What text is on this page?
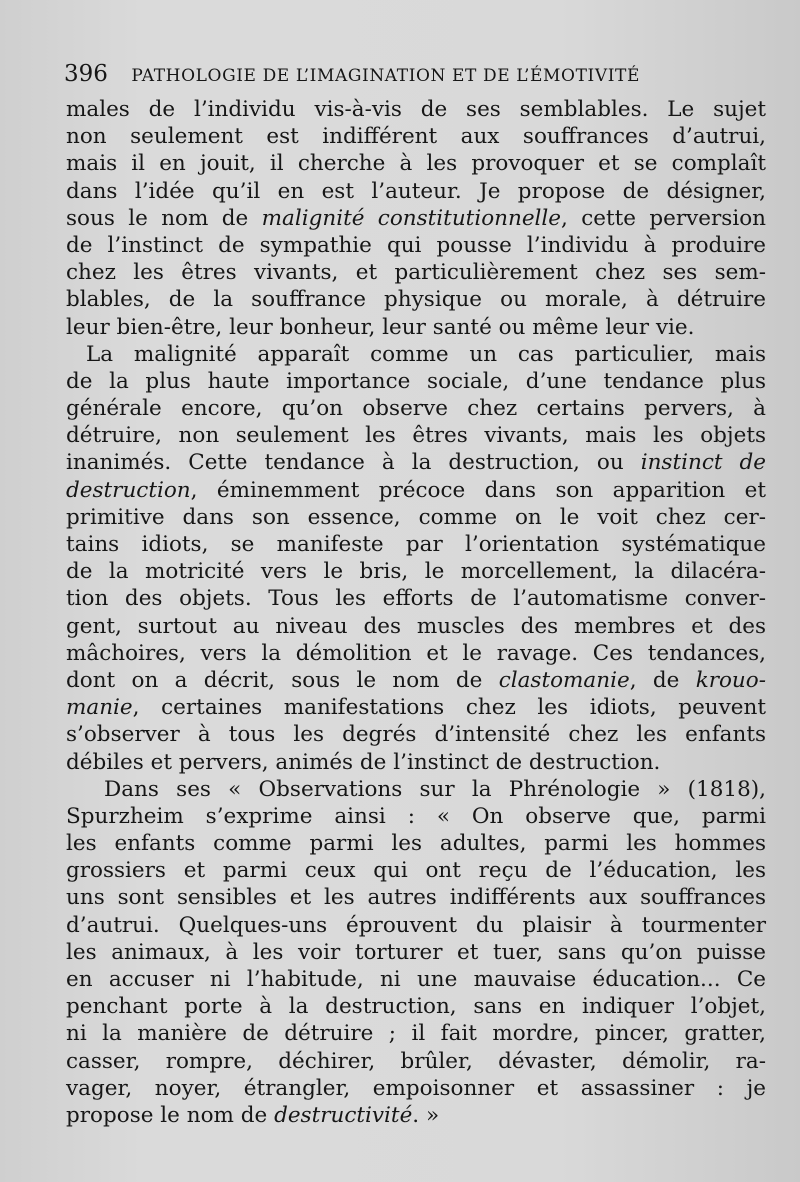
396 PATHOLOGIE DE L’IMAGINATION ET DE L’ÉMOTIVITÉ
males de l’individu vis-à-vis de ses semblables. Le sujet
non seulement est indifférent aux souffrances d’autrui,
mais il en jouit, il cherche à les provoquer et se complaît
dans l’idée qu’il en est l’auteur. Je propose de désigner,
sous le nom de malignité constitutionnelle, cette perversion
de l’instinct de sympathie qui pousse l’individu à produire
chez les êtres vivants, et particulièrement chez ses sem-
blables, de la souffrance physique ou morale, à détruire
leur bien-être, leur bonheur, leur santé ou même leur vie.
La malignité apparaît comme un cas particulier, mais
de la plus haute importance sociale, d’une tendance plus
générale encore, qu’on observe chez certains pervers, à
détruire, non seulement les êtres vivants, mais les objets
inanimés. Cette tendance à la destruction, ou instinct de
destruction, éminemment précoce dans son apparition et
primitive dans son essence, comme on le voit chez cer-
tains idiots, se manifeste par l’orientation systématique
de la motricité vers le bris, le morcellement, la dilacéra-
tion des objets. Tous les efforts de l’automatisme conver-
gent, surtout au niveau des muscles des membres et des
mâchoires, vers la démolition et le ravage. Ces tendances,
dont on a décrit, sous le nom de clastomanie, de krouo-
manie, certaines manifestations chez les idiots, peuvent
s’observer à tous les degrés d’intensité chez les enfants
débiles et pervers, animés de l’instinct de destruction.
Dans ses « Observations sur la Phrénologie » (1818),
Spurzheim s’exprime ainsi : « On observe que, parmi
les enfants comme parmi les adultes, parmi les hommes
grossiers et parmi ceux qui ont reçu de l’éducation, les
uns sont sensibles et les autres indifférents aux souffrances
d’autrui. Quelques-uns éprouvent du plaisir à tourmenter
les animaux, à les voir torturer et tuer, sans qu’on puisse
en accuser ni l’habitude, ni une mauvaise éducation... Ce
penchant porte à la destruction, sans en indiquer l’objet,
ni la manière de détruire ; il fait mordre, pincer, gratter,
casser, rompre, déchirer, brûler, dévaster, démolir, ra-
vager, noyer, étrangler, empoisonner et assassiner : je
propose le nom de destructivité. »
